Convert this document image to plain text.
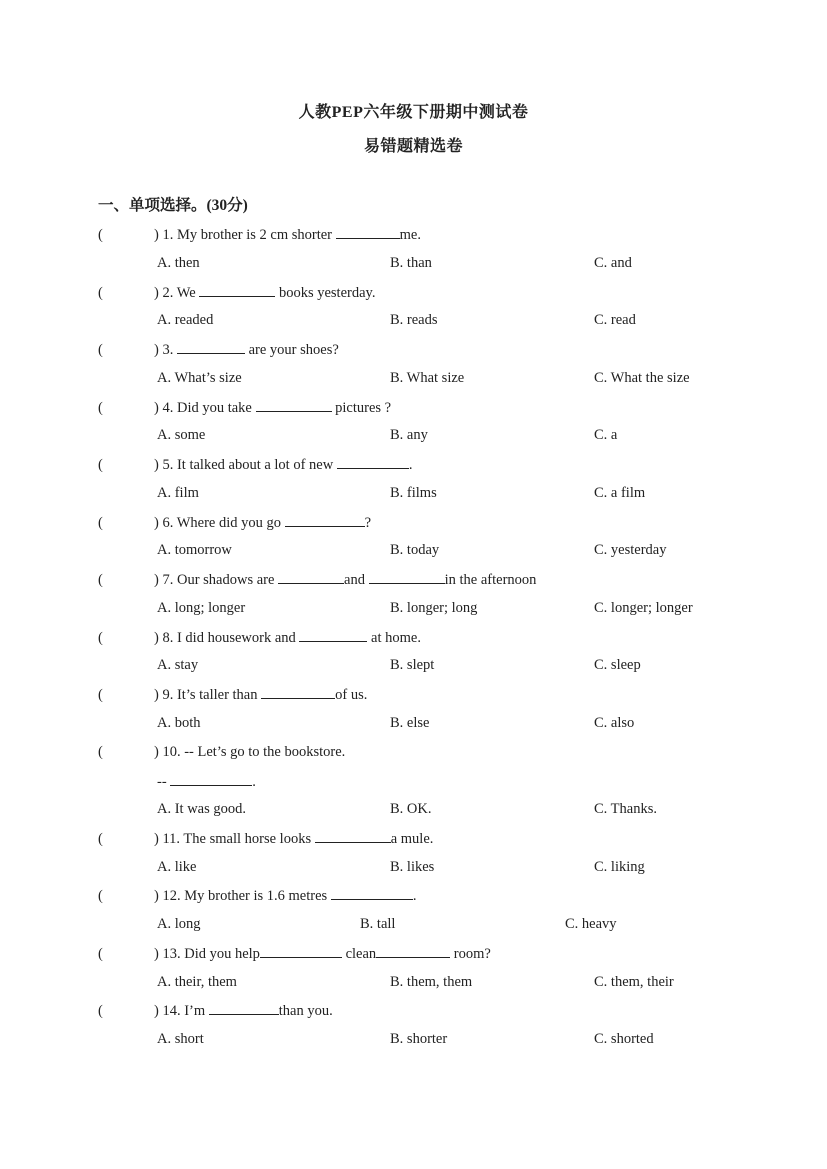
人教PEP六年级下册期中测试卷
易错题精选卷
一、单项选择。(30分)
(	) 1. My brother is 2 cm shorter	me.
A. then	B. than	C. and
(	) 2. We	books yesterday.
A. readed	B. reads	C. read
(	) 3.	are your shoes?
A. What’s size	B. What size	C. What the size
(	) 4. Did you take	pictures ?
A. some	B. any	C. a
(	) 5. It talked about a lot of new	.
A. film	B. films	C. a film
(	) 6. Where did you go	?
A. tomorrow	B. today	C. yesterday
(	) 7. Our shadows are	and	in the afternoon
A. long; longer	B. longer; long	C. longer; longer
(	) 8. I did housework and	at home.
A. stay	B. slept	C. sleep
(	) 9. It’s taller than	of us.
A. both	B. else	C. also
(	) 10. -- Let’s go to the bookstore.
--	.
A. It was good.	B. OK.	C. Thanks.
(	) 11. The small horse looks	a mule.
A. like	B. likes	C. liking
(	) 12. My brother is 1.6 metres	.
A. long	B. tall	C. heavy
(	) 13. Did you help	clean	room?
A. their, them	B. them, them	C. them, their
(	) 14. I’m	than you.
A. short	B. shorter	C. shorted
